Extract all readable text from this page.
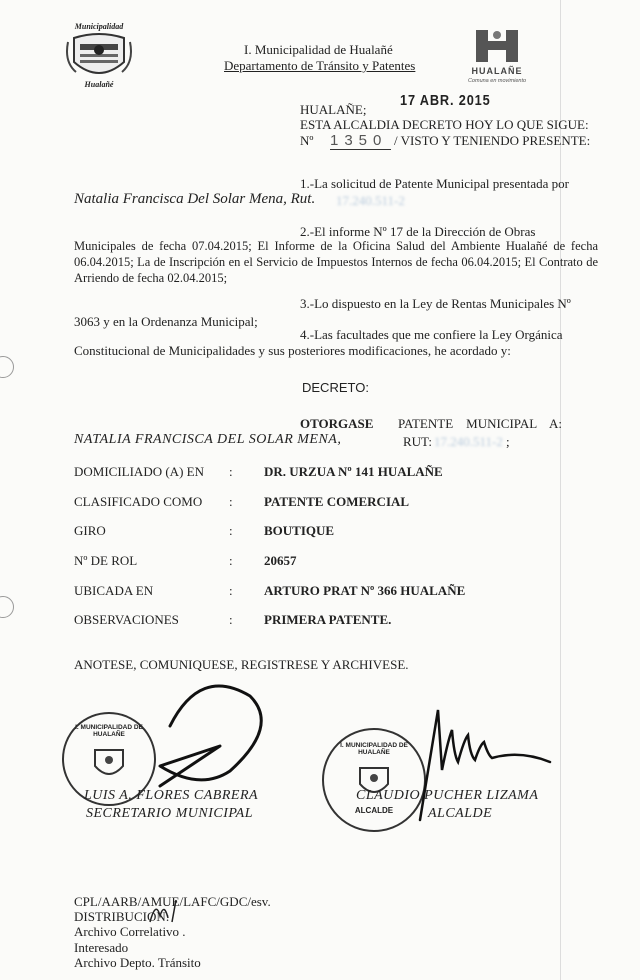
Municipalidad
Hualañé
I. Municipalidad de Hualañé
Departamento de Tránsito y Patentes	HUALAÑE
Comuna en movimiento
HUALAÑE;
17 ABR. 2015
ESTA ALCALDIA DECRETO HOY LO QUE SIGUE:
Nº 1350 / VISTO Y TENIENDO PRESENTE:
1.-La solicitud de Patente Municipal presentada por
Natalia Francisca Del Solar Mena, Rut. 17.240.511-2
2.-El informe Nº 17 de la Dirección de Obras
Municipales de fecha 07.04.2015; El Informe de la Oficina Salud del Ambiente Hualañé de fecha 06.04.2015; La de Inscripción en el Servicio de Impuestos Internos de fecha 06.04.2015; El Contrato de Arriendo de fecha 02.04.2015;
3.-Lo dispuesto en la Ley de Rentas Municipales Nº
3063 y en la Ordenanza Municipal;
4.-Las facultades que me confiere la Ley Orgánica
Constitucional de Municipalidades y sus posteriores modificaciones, he acordado y:
DECRETO:
OTORGASE PATENTE    MUNICIPAL    A:
NATALIA FRANCISCA DEL SOLAR MENA,	RUT: 17.240.511-2 ;
DOMICILIADO (A) EN : DR. URZUA Nº 141 HUALAÑE
CLASIFICADO COMO : PATENTE COMERCIAL
GIRO	: BOUTIQUE
Nº DE ROL	: 20657
UBICADA EN	: ARTURO PRAT Nº 366 HUALAÑE
OBSERVACIONES	: PRIMERA PATENTE.
ANOTESE, COMUNIQUESE, REGISTRESE Y ARCHIVESE.
I. MUNICIPALIDAD DE HUALAÑE
LUIS A. FLORES CABRERA
SECRETARIO MUNICIPAL
I. MUNICIPALIDAD DE HUALAÑE
ALCALDE
CLAUDIO PUCHER LIZAMA
ALCALDE
CPL/AARB/AMUE/LAFC/GDC/esv.
DISTRIBUCION:
Archivo Correlativo .
Interesado
Archivo Depto. Tránsito
